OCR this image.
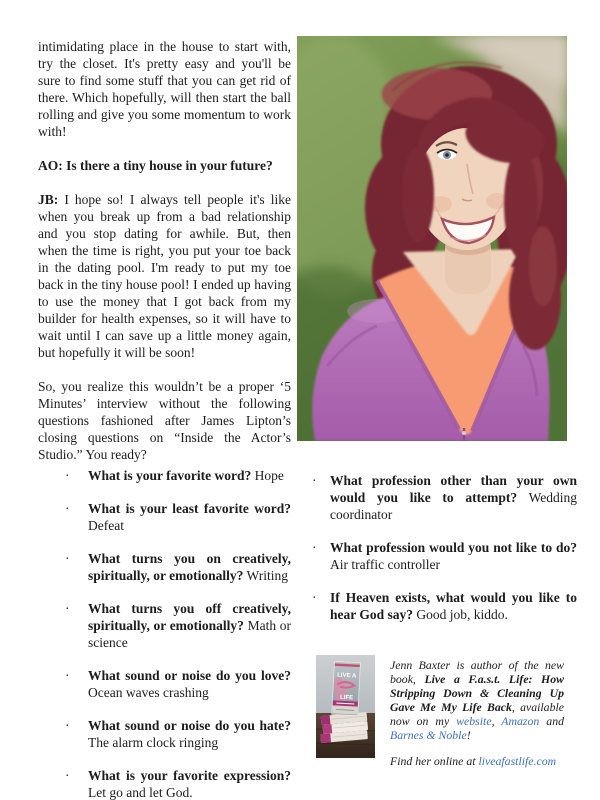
intimidating place in the house to start with, try the closet. It's pretty easy and you'll be sure to find some stuff that you can get rid of there. Which hopefully, will then start the ball rolling and give you some momentum to work with!

AO: Is there a tiny house in your future?

JB: I hope so! I always tell people it's like when you break up from a bad relationship and you stop dating for awhile. But, then when the time is right, you put your toe back in the dating pool. I'm ready to put my toe back in the tiny house pool! I ended up having to use the money that I got back from my builder for health expenses, so it will have to wait until I can save up a little money again, but hopefully it will be soon!

So, you realize this wouldn’t be a proper ‘5 Minutes’ interview without the following questions fashioned after James Lipton’s closing questions on “Inside the Actor’s Studio.” You ready?

· What is your favorite word? Hope
· What is your least favorite word? Defeat
· What turns you on creatively, spiritually, or emotionally? Writing
· What turns you off creatively, spiritually, or emotionally? Math or science
· What sound or noise do you love? Ocean waves crashing
· What sound or noise do you hate? The alarm clock ringing
· What is your favorite expression? Let go and let God.
· What profession other than your own would you like to attempt? Wedding coordinator
· What profession would you not like to do? Air traffic controller
· If Heaven exists, what would you like to hear God say? Good job, kiddo.
LIVE A
LIFE

Jenn Baxter is author of the new book, Live a F.a.s.t. Life: How Stripping Down & Cleaning Up Gave Me My Life Back, available now on my website, Amazon and Barnes & Noble!

Find her online at liveafastlife.com
